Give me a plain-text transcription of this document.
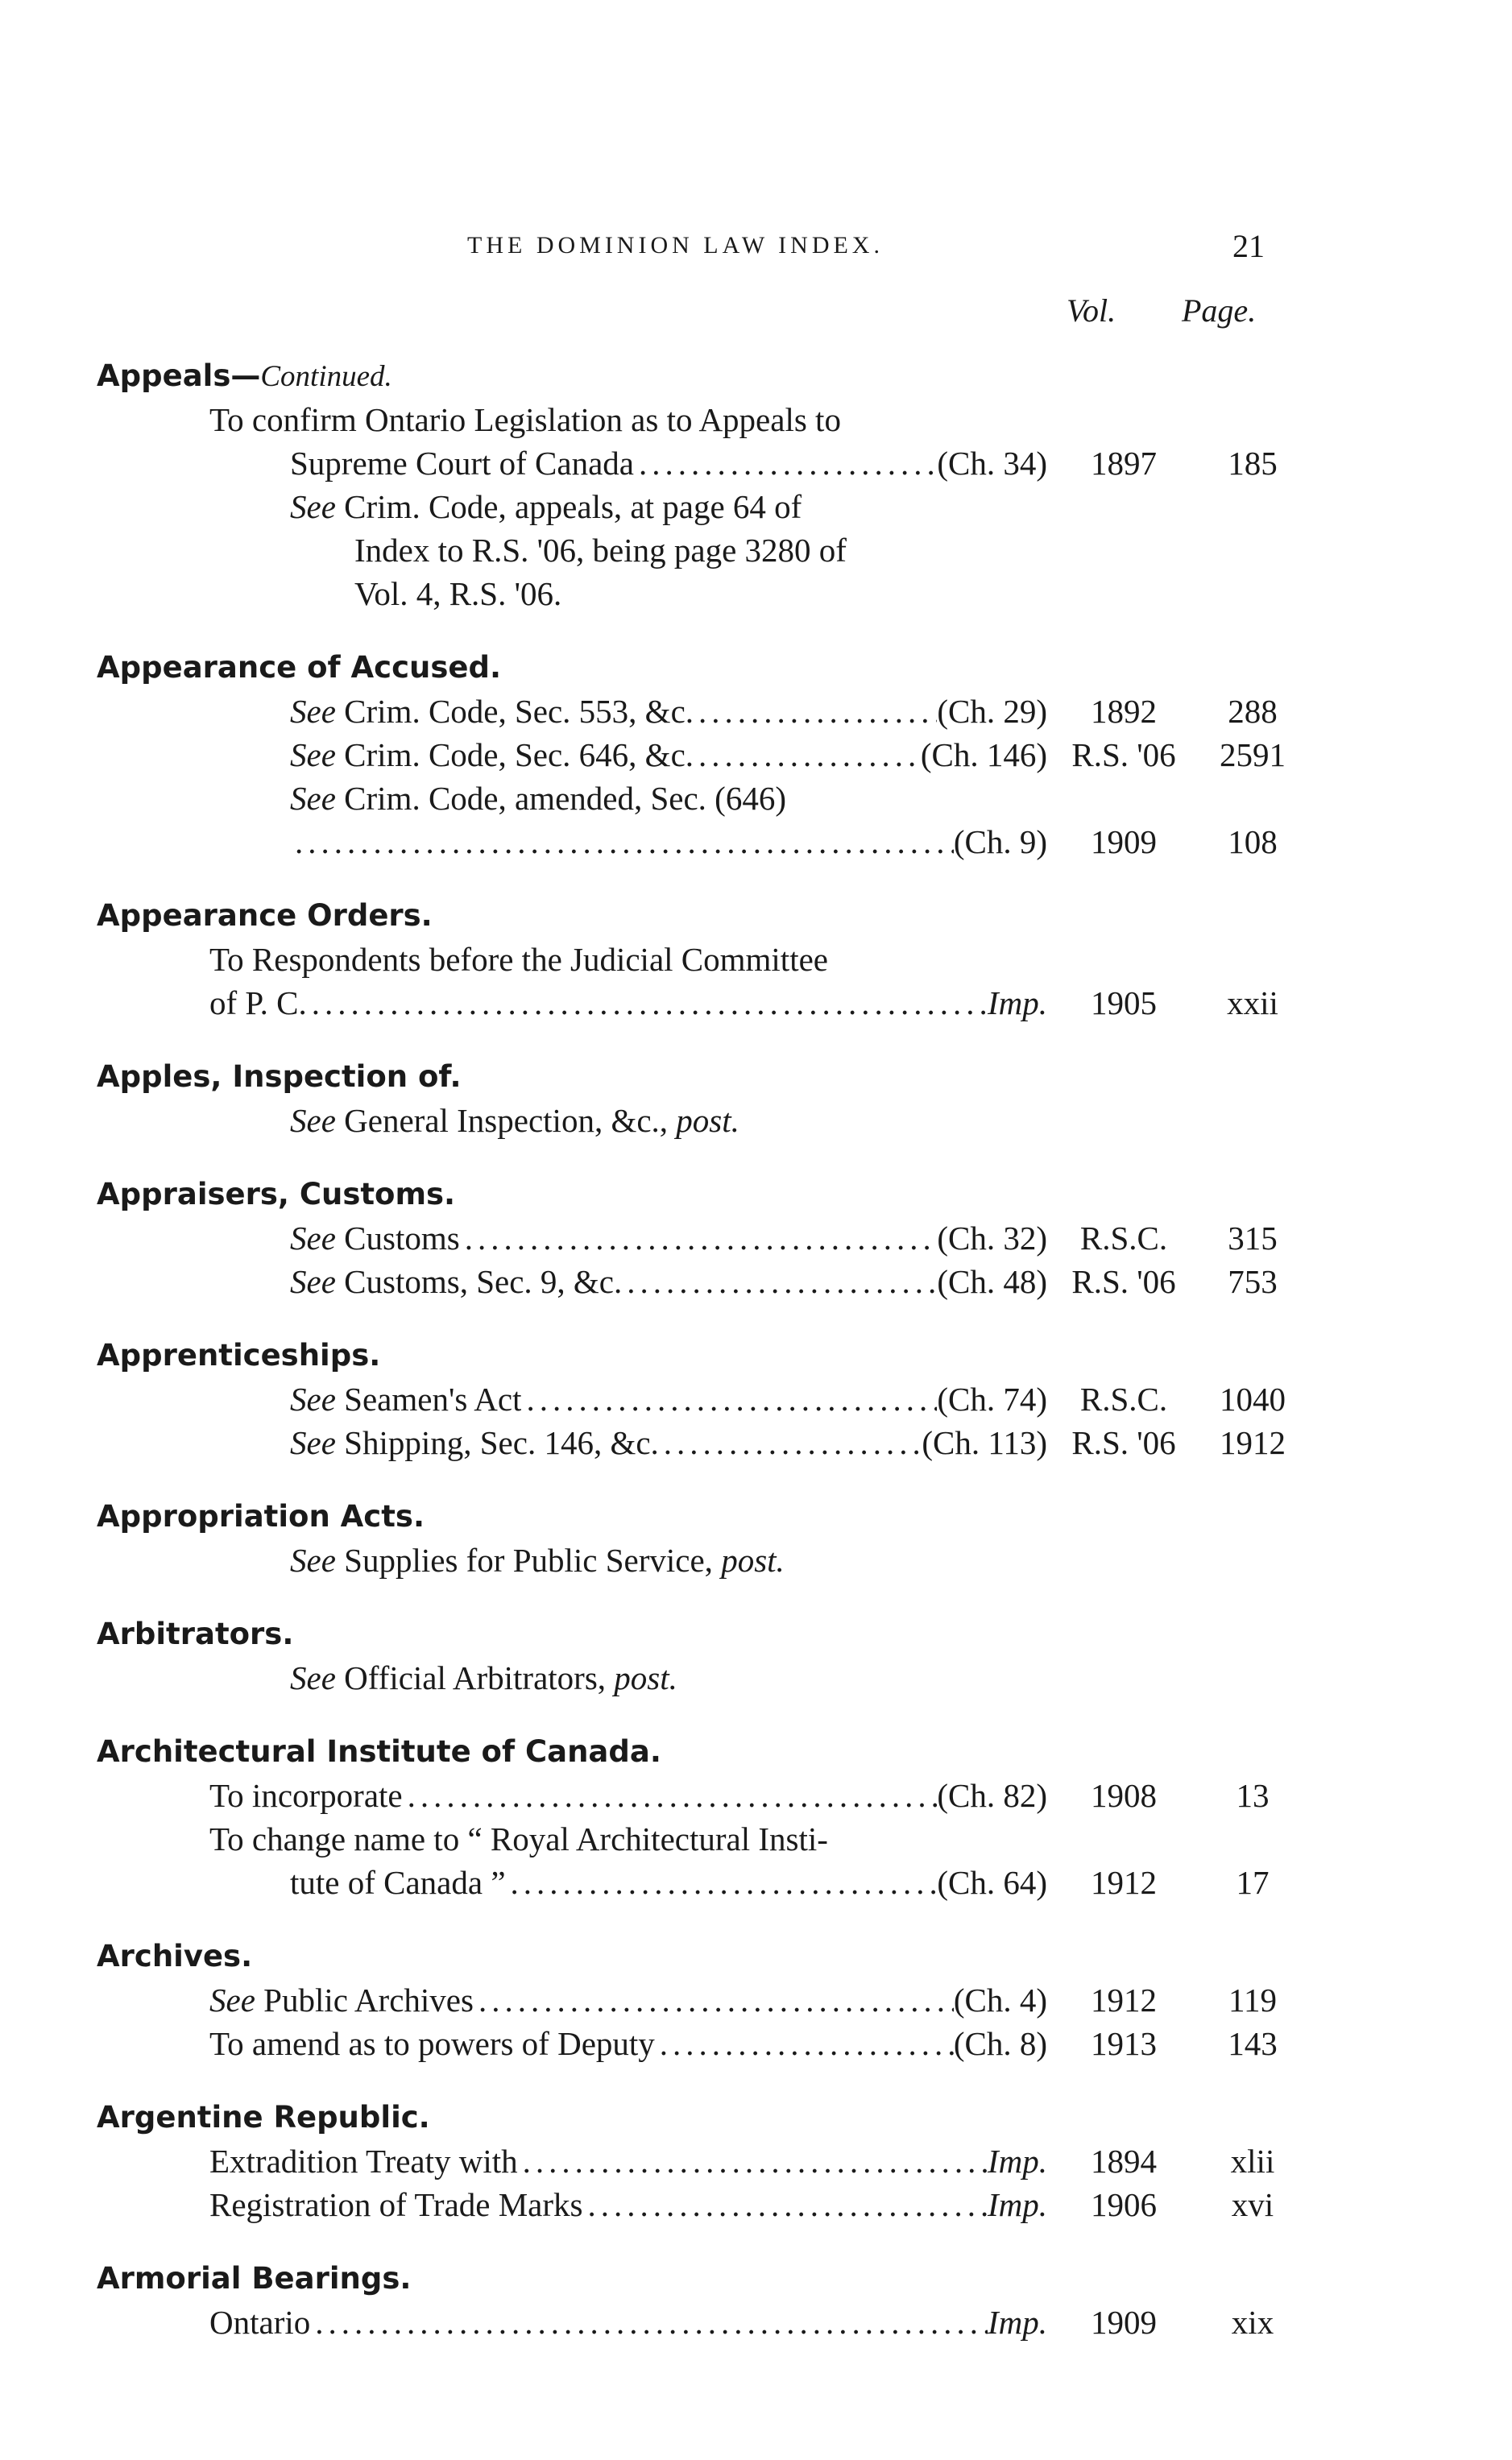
THE DOMINION LAW INDEX.	21
Vol. Page.
Appeals—Continued.
To confirm Ontario Legislation as to Appeals to
Supreme Court of Canada .....	(Ch. 34)	1897	185
See Crim. Code, appeals, at page 64 of
Index to R.S. '06, being page 3280 of
Vol. 4, R.S. '06.
Appearance of Accused.
See Crim. Code, Sec. 553, &c. .....	(Ch. 29)	1892	288
See Crim. Code, Sec. 646, &c. .....	(Ch. 146) R.S. '06	2591
See Crim. Code, amended, Sec. (646)
.....
(Ch. 9)	1909	108
Appearance Orders.
To Respondents before the Judicial Committee
of P. C. .....	Imp.	1905	xxii
Apples, Inspection of.
See General Inspection, &c., post.
Appraisers, Customs.
See Customs .....	(Ch. 32) R.S.C.	315
See Customs, Sec. 9, &c. .....	(Ch. 48) R.S. '06	753
Apprenticeships.
See Seamen's Act .....	(Ch. 74) R.S.C.	1040
See Shipping, Sec. 146, &c. .....	(Ch. 113) R.S. '06	1912
Appropriation Acts.
See Supplies for Public Service, post.
Arbitrators.
See Official Arbitrators, post.
Architectural Institute of Canada.
To incorporate .....	(Ch. 82)	1908	13
To change name to “ Royal Architectural Insti-
tute of Canada ” .....	(Ch. 64)	1912	17
Archives.
See Public Archives .....	(Ch. 4)	1912	119
To amend as to powers of Deputy .....	(Ch. 8)	1913	143
Argentine Republic.
Extradition Treaty with .....	Imp.	1894	xlii
Registration of Trade Marks .....	Imp.	1906	xvi
Armorial Bearings.
Ontario .....	Imp.	1909	xix
